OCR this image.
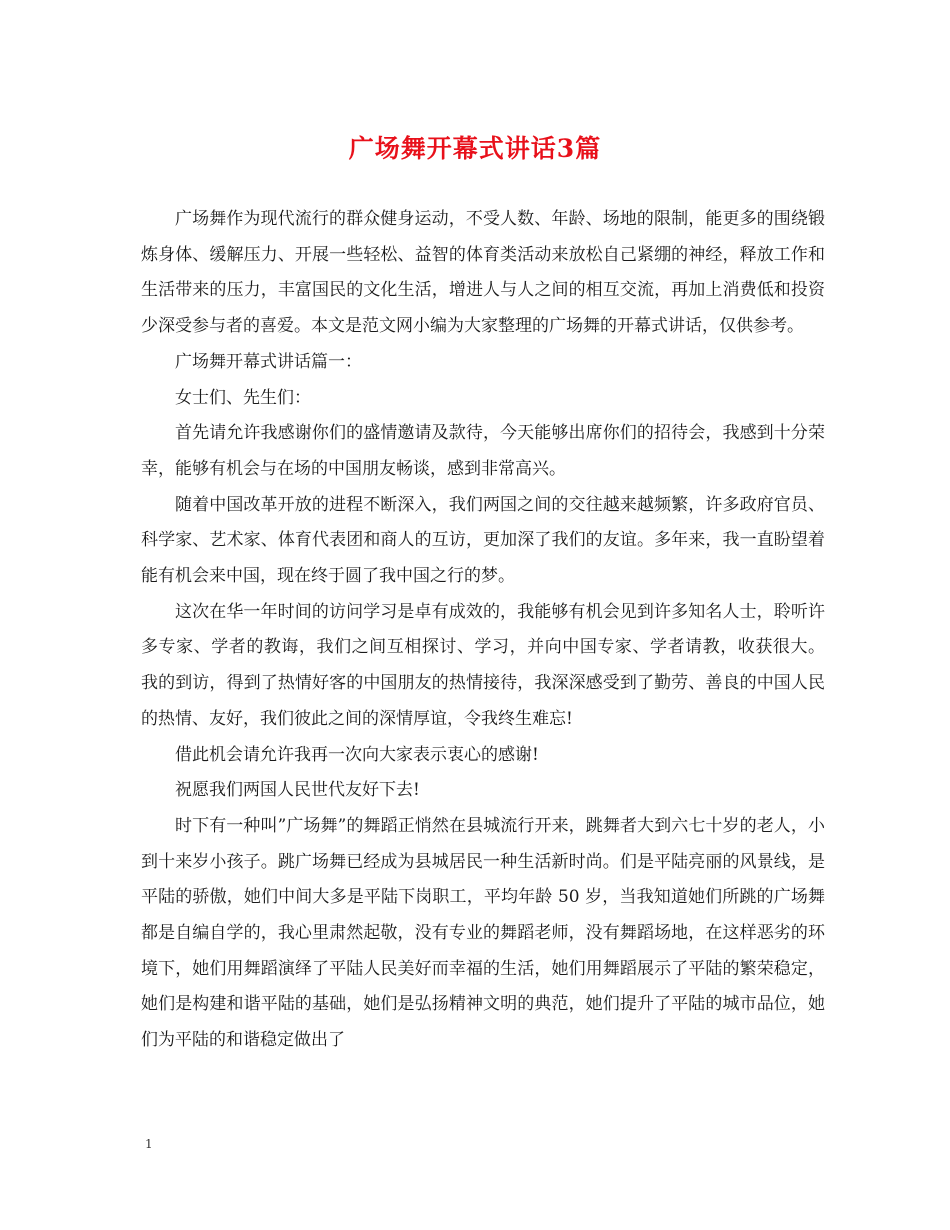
广场舞开幕式讲话3篇

广场舞作为现代流行的群众健身运动，不受人数、年龄、场地的限制，能更多的围绕锻炼身体、缓解压力、开展一些轻松、益智的体育类活动来放松自己紧绷的神经，释放工作和生活带来的压力，丰富国民的文化生活，增进人与人之间的相互交流，再加上消费低和投资少深受参与者的喜爱。本文是范文网小编为大家整理的广场舞的开幕式讲话，仅供参考。

广场舞开幕式讲话篇一：

女士们、先生们：

首先请允许我感谢你们的盛情邀请及款待，今天能够出席你们的招待会，我感到十分荣幸，能够有机会与在场的中国朋友畅谈，感到非常高兴。

随着中国改革开放的进程不断深入，我们两国之间的交往越来越频繁，许多政府官员、科学家、艺术家、体育代表团和商人的互访，更加深了我们的友谊。多年来，我一直盼望着能有机会来中国，现在终于圆了我中国之行的梦。

这次在华一年时间的访问学习是卓有成效的，我能够有机会见到许多知名人士，聆听许多专家、学者的教诲，我们之间互相探讨、学习，并向中国专家、学者请教，收获很大。 我的到访，得到了热情好客的中国朋友的热情接待，我深深感受到了勤劳、善良的中国人民的热情、友好，我们彼此之间的深情厚谊，令我终生难忘!

借此机会请允许我再一次向大家表示衷心的感谢!

祝愿我们两国人民世代友好下去!

时下有一种叫”广场舞”的舞蹈正悄然在县城流行开来，跳舞者大到六七十岁的老人，小到十来岁小孩子。跳广场舞已经成为县城居民一种生活新时尚。们是平陆亮丽的风景线，是平陆的骄傲，她们中间大多是平陆下岗职工，平均年龄 50 岁，当我知道她们所跳的广场舞都是自编自学的，我心里肃然起敬，没有专业的舞蹈老师，没有舞蹈场地，在这样恶劣的环境下，她们用舞蹈演绎了平陆人民美好而幸福的生活，她们用舞蹈展示了平陆的繁荣稳定，她们是构建和谐平陆的基础，她们是弘扬精神文明的典范，她们提升了平陆的城市品位，她们为平陆的和谐稳定做出了

1
